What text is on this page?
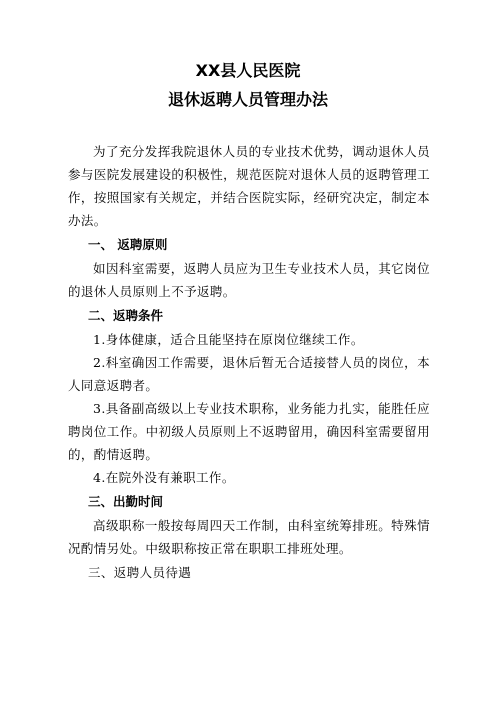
XX县人民医院
退休返聘人员管理办法

为了充分发挥我院退休人员的专业技术优势，调动退休人员参与医院发展建设的积极性，规范医院对退休人员的返聘管理工作，按照国家有关规定，并结合医院实际，经研究决定，制定本办法。

一、 返聘原则

如因科室需要，返聘人员应为卫生专业技术人员，其它岗位的退休人员原则上不予返聘。

二、返聘条件

1.身体健康，适合且能坚持在原岗位继续工作。

2.科室确因工作需要，退休后暂无合适接替人员的岗位，本人同意返聘者。

3.具备副高级以上专业技术职称，业务能力扎实，能胜任应聘岗位工作。中初级人员原则上不返聘留用，确因科室需要留用的，酌情返聘。

4.在院外没有兼职工作。

三、出勤时间

高级职称一般按每周四天工作制，由科室统筹排班。特殊情况酌情另处。中级职称按正常在职职工排班处理。

三、返聘人员待遇
